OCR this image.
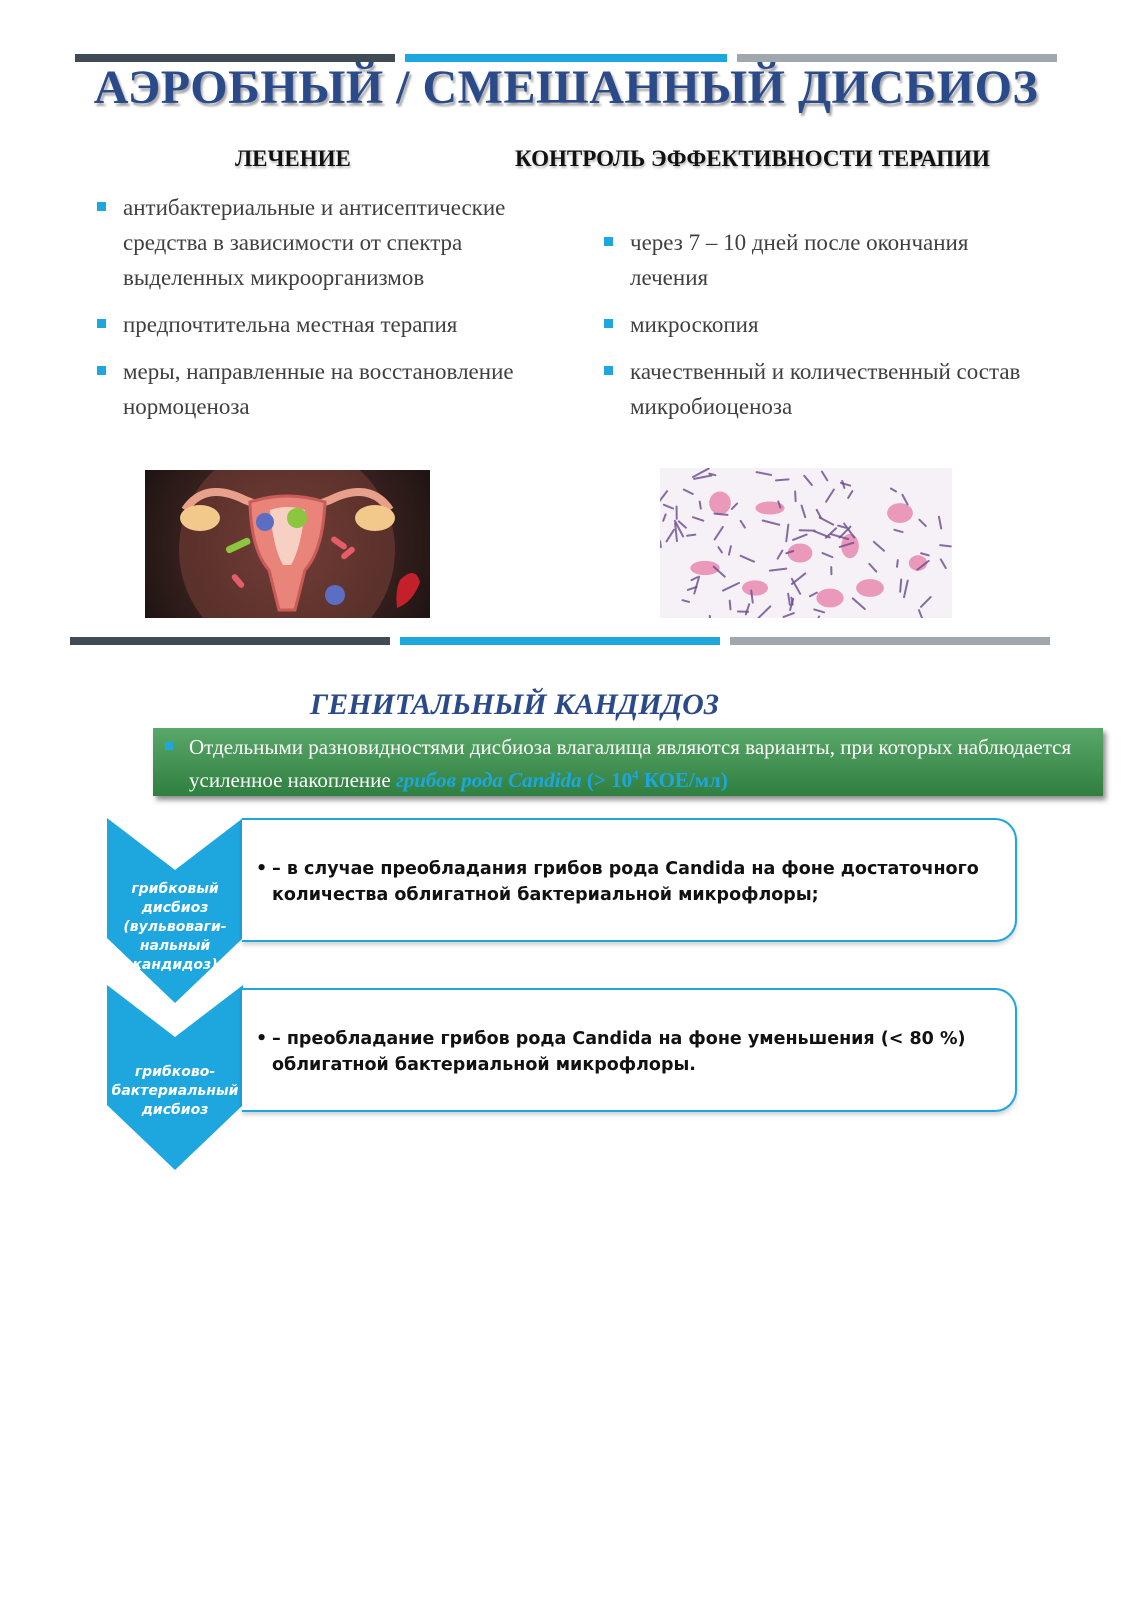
АЭРОБНЫЙ / СМЕШАННЫЙ ДИСБИОЗ
ЛЕЧЕНИЕ	КОНТРОЛЬ ЭФФЕКТИВНОСТИ ТЕРАПИИ
антибактериальные и антисептические средства в зависимости от спектра выделенных микроорганизмов
предпочтительна местная терапия
меры, направленные на восстановление нормоценоза
через 7 – 10 дней после окончания лечения
микроскопия
качественный и количественный состав микробиоценоза
ГЕНИТАЛЬНЫЙ КАНДИДОЗ
Отдельными разновидностями дисбиоза влагалища являются варианты, при которых наблюдается усиленное накопление грибов рода Candida (> $10^4$ КОЕ/мл)
грибковый дисбиоз (вульвоваги-нальный кандидоз)
грибково-бактериальный дисбиоз
• – в случае преобладания грибов рода Candida на фоне достаточного количества облигатной бактериальной микрофлоры;
• – преобладание грибов рода Candida на фоне уменьшения (< 80 %) облигатной бактериальной микрофлоры.
